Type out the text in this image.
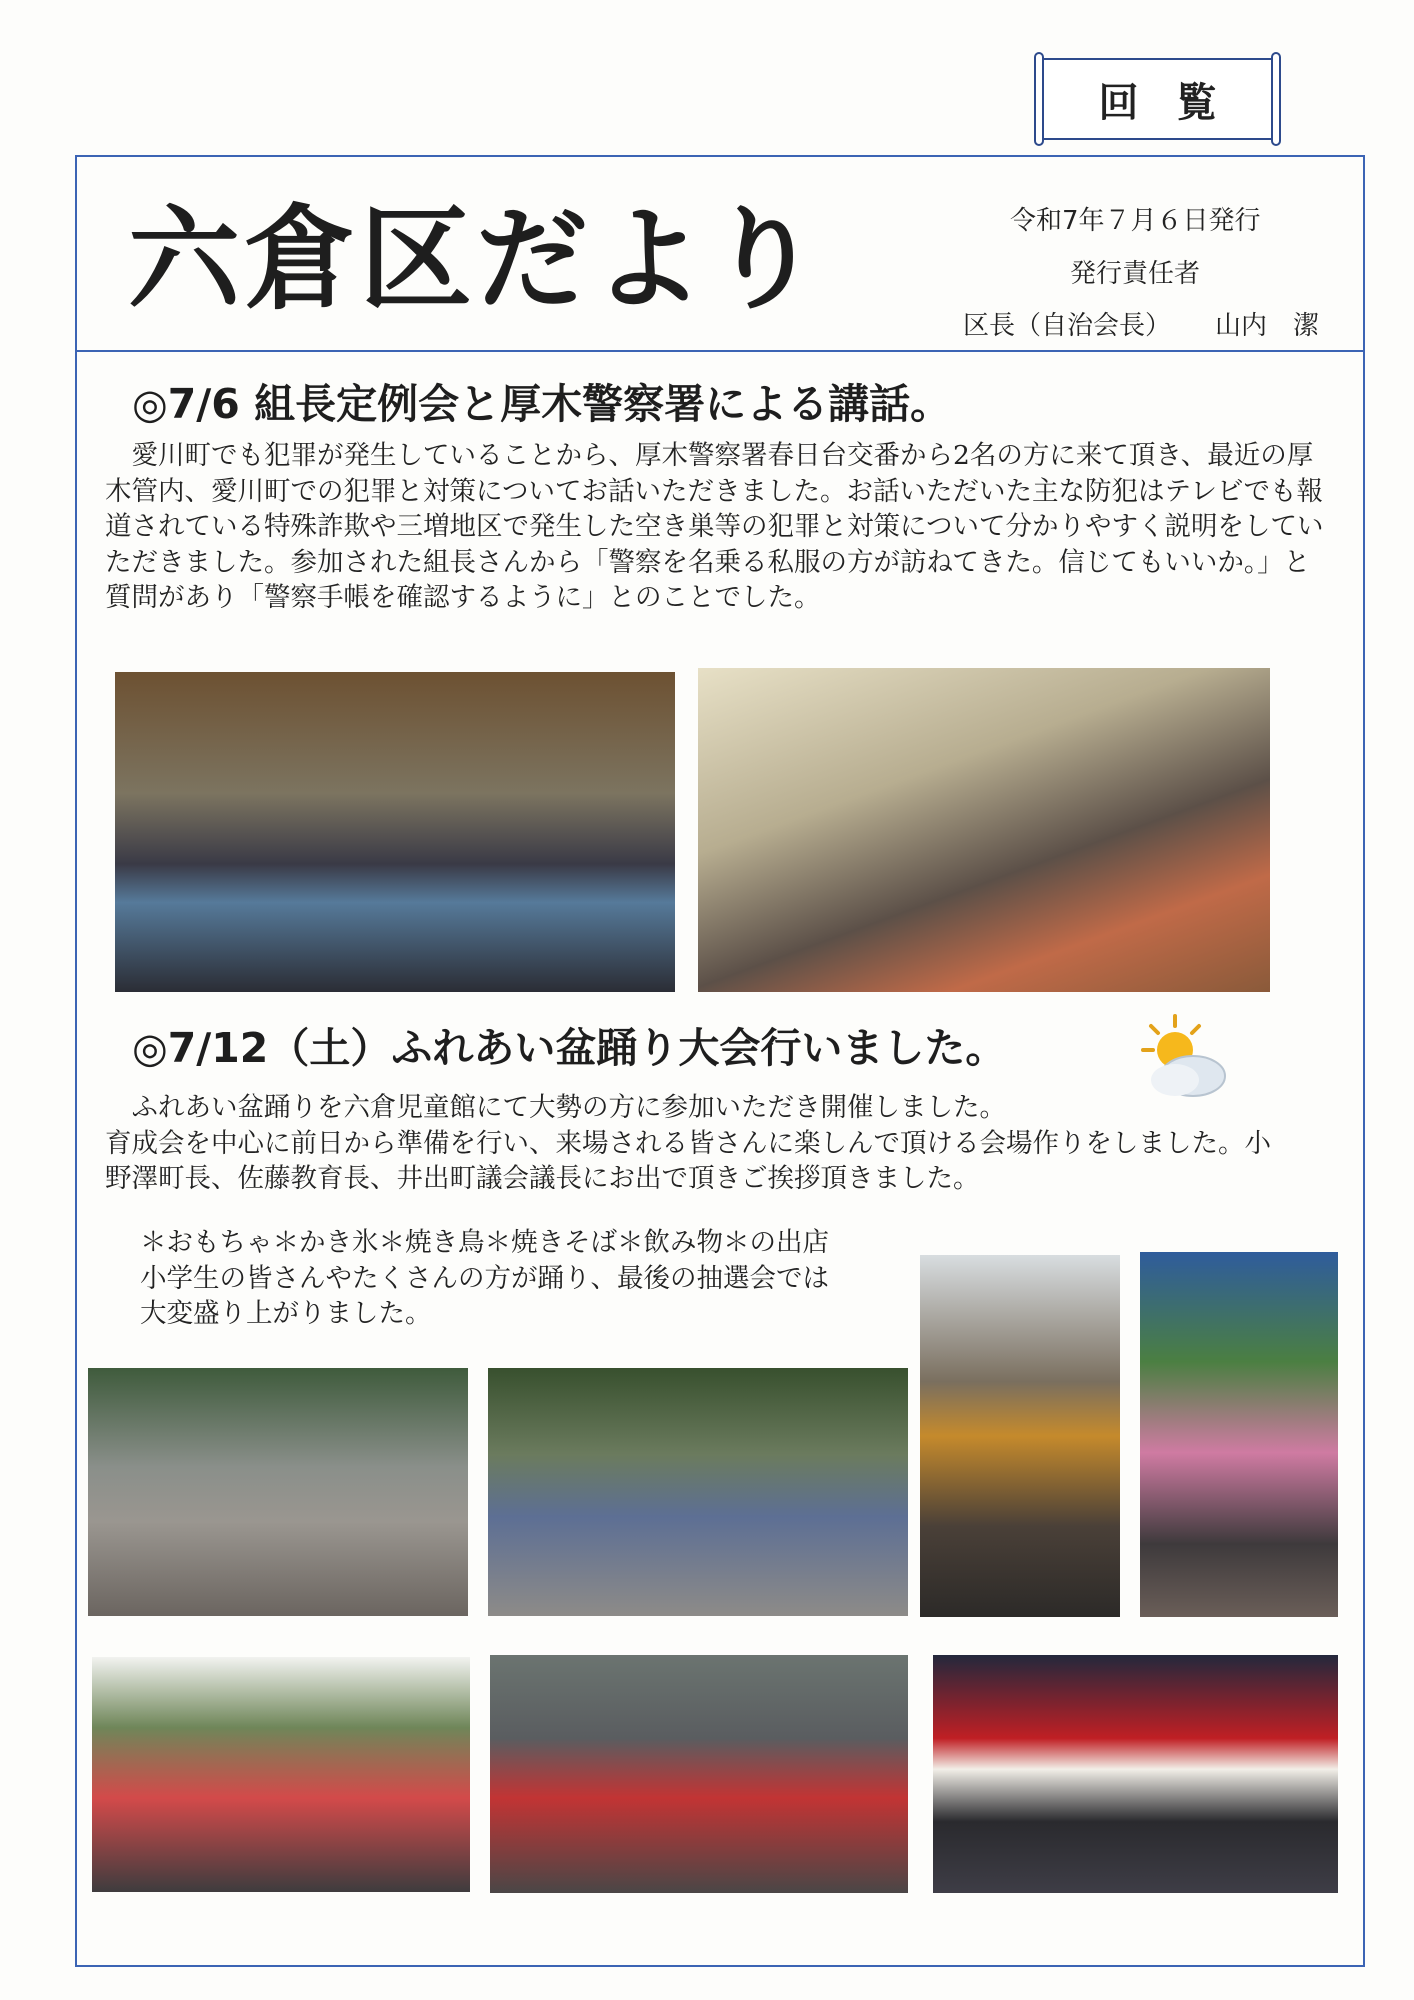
回覧
六倉区だより	令和7年７月６日発行
発行責任者
区長（自治会長） 山内　潔
◎7/6 組長定例会と厚木警察署による講話。

　愛川町でも犯罪が発生していることから、厚木警察署春日台交番から2名の方に来て頂き、最近の厚木管内、愛川町での犯罪と対策についてお話いただきました。お話いただいた主な防犯はテレビでも報道されている特殊詐欺や三増地区で発生した空き巣等の犯罪と対策について分かりやすく説明をしていただきました。参加された組長さんから「警察を名乗る私服の方が訪ねてきた。信じてもいいか。」と質問があり「警察手帳を確認するように」とのことでした。

◎7/12（土）ふれあい盆踊り大会行いました。

　ふれあい盆踊りを六倉児童館にて大勢の方に参加いただき開催しました。

育成会を中心に前日から準備を行い、来場される皆さんに楽しんで頂ける会場作りをしました。小野澤町長、佐藤教育長、井出町議会議長にお出で頂きご挨拶頂きました。

＊おもちゃ＊かき氷＊焼き鳥＊焼きそば＊飲み物＊の出店

小学生の皆さんやたくさんの方が踊り、最後の抽選会では

大変盛り上がりました。
